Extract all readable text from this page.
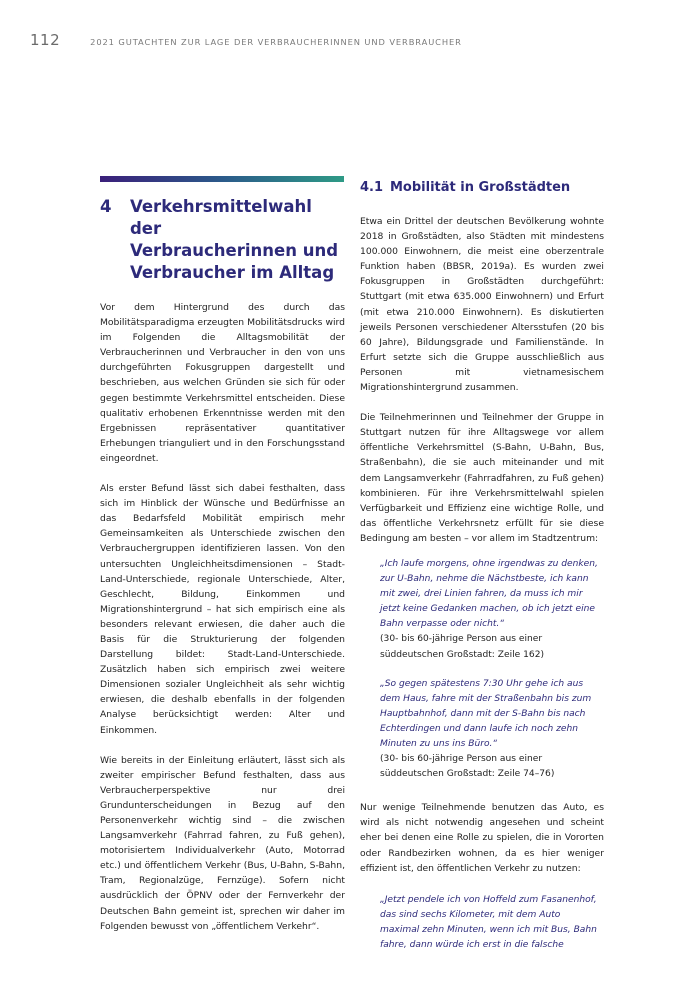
112	2021 GUTACHTEN ZUR LAGE DER VERBRAUCHERINNEN UND VERBRAUCHER
4	Verkehrsmittelwahl der
Verbraucherinnen und
Verbraucher im Alltag

Vor dem Hintergrund des durch das Mobilitätsparadigma erzeugten Mobilitätsdrucks wird im Folgenden die Alltagsmobilität der Verbraucherinnen und Verbraucher in den von uns durchgeführten Fokusgruppen dargestellt und beschrieben, aus welchen Gründen sie sich für oder gegen bestimmte Verkehrsmittel entscheiden. Diese qualitativ erhobenen Erkenntnisse werden mit den Ergebnissen repräsentativer quantitativer Erhebungen trianguliert und in den Forschungsstand eingeordnet.

Als erster Befund lässt sich dabei festhalten, dass sich im Hinblick der Wünsche und Bedürfnisse an das Bedarfsfeld Mobilität empirisch mehr Gemeinsamkeiten als Unterschiede zwischen den Verbrauchergruppen identifizieren lassen. Von den untersuchten Ungleichheitsdimensionen – Stadt-Land-Unterschiede, regionale Unterschiede, Alter, Geschlecht, Bildung, Einkommen und Migrationshintergrund – hat sich empirisch eine als besonders relevant erwiesen, die daher auch die Basis für die Strukturierung der folgenden Darstellung bildet: Stadt-Land-Unterschiede. Zusätzlich haben sich empirisch zwei weitere Dimensionen sozialer Ungleichheit als sehr wichtig erwiesen, die deshalb ebenfalls in der folgenden Analyse berücksichtigt werden: Alter und Einkommen.

Wie bereits in der Einleitung erläutert, lässt sich als zweiter empirischer Befund festhalten, dass aus Verbraucherperspektive nur drei Grundunterscheidungen in Bezug auf den Personenverkehr wichtig sind – die zwischen Langsamverkehr (Fahrrad fahren, zu Fuß gehen), motorisiertem Individualverkehr (Auto, Motorrad etc.) und öffentlichem Verkehr (Bus, U-Bahn, S-Bahn, Tram, Regionalzüge, Fernzüge). Sofern nicht ausdrücklich der ÖPNV oder der Fernverkehr der Deutschen Bahn gemeint ist, sprechen wir daher im Folgenden bewusst von „öffentlichem Verkehr“.

4.1 Mobilität in Großstädten

Etwa ein Drittel der deutschen Bevölkerung wohnte 2018 in Großstädten, also Städten mit mindestens 100.000 Einwohnern, die meist eine oberzentrale Funktion haben (BBSR, 2019a). Es wurden zwei Fokusgruppen in Großstädten durchgeführt: Stuttgart (mit etwa 635.000 Einwohnern) und Erfurt (mit etwa 210.000 Einwohnern). Es diskutierten jeweils Personen verschiedener Altersstufen (20 bis 60 Jahre), Bildungsgrade und Familienstände. In Erfurt setzte sich die Gruppe ausschließlich aus Personen mit vietnamesischem Migrationshintergrund zusammen.

Die Teilnehmerinnen und Teilnehmer der Gruppe in Stuttgart nutzen für ihre Alltagswege vor allem öffentliche Verkehrsmittel (S-Bahn, U-Bahn, Bus, Straßenbahn), die sie auch miteinander und mit dem Langsamverkehr (Fahrradfahren, zu Fuß gehen) kombinieren. Für ihre Verkehrsmittelwahl spielen Verfügbarkeit und Effizienz eine wichtige Rolle, und das öffentliche Verkehrsnetz erfüllt für sie diese Bedingung am besten – vor allem im Stadtzentrum:

„Ich laufe morgens, ohne irgendwas zu denken,
zur U-Bahn, nehme die Nächstbeste, ich kann
mit zwei, drei Linien fahren, da muss ich mir
jetzt keine Gedanken machen, ob ich jetzt eine
Bahn verpasse oder nicht.“
(30- bis 60-jährige Person aus einer
süddeutschen Großstadt: Zeile 162)
„So gegen spätestens 7:30 Uhr gehe ich aus
dem Haus, fahre mit der Straßenbahn bis zum
Hauptbahnhof, dann mit der S-Bahn bis nach
Echterdingen und dann laufe ich noch zehn
Minuten zu uns ins Büro.“
(30- bis 60-jährige Person aus einer
süddeutschen Großstadt: Zeile 74–76)

Nur wenige Teilnehmende benutzen das Auto, es wird als nicht notwendig angesehen und scheint eher bei denen eine Rolle zu spielen, die in Vororten oder Randbezirken wohnen, da es hier weniger effizient ist, den öffentlichen Verkehr zu nutzen:

„Jetzt pendele ich von Hoffeld zum Fasanenhof,
das sind sechs Kilometer, mit dem Auto
maximal zehn Minuten, wenn ich mit Bus, Bahn
fahre, dann würde ich erst in die falsche
